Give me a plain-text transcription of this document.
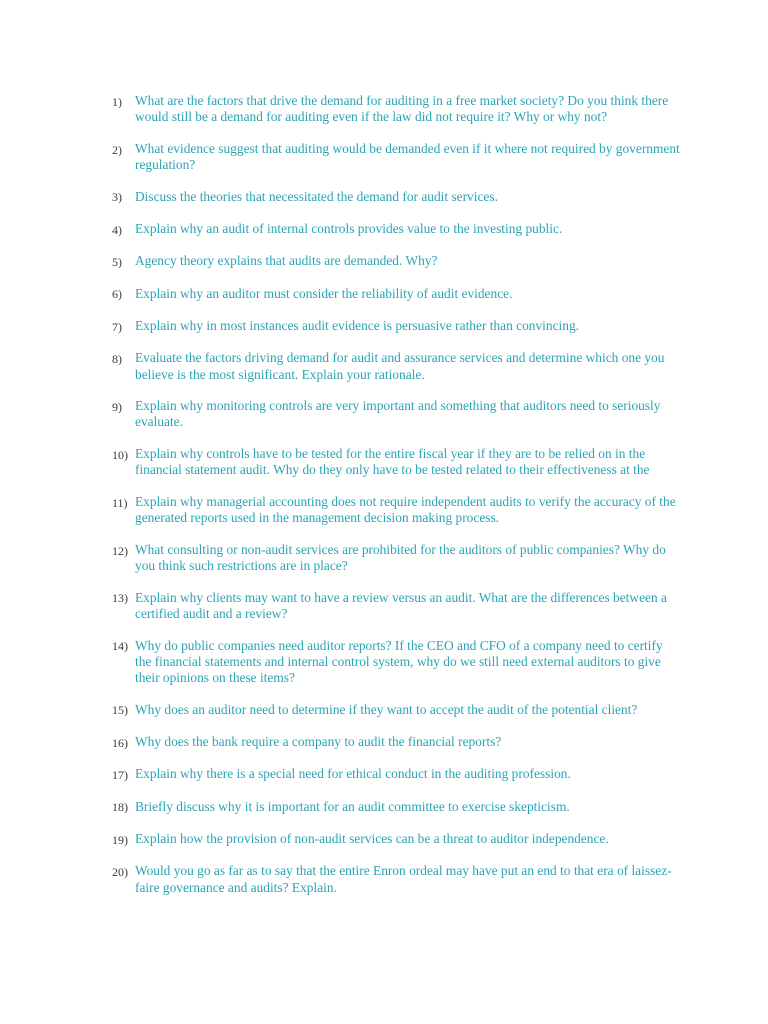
1) What are the factors that drive the demand for auditing in a free market society? Do you think there would still be a demand for auditing even if the law did not require it? Why or why not?
2) What evidence suggest that auditing would be demanded even if it where not required by government regulation?
3) Discuss the theories that necessitated the demand for audit services.
4) Explain why an audit of internal controls provides value to the investing public.
5) Agency theory explains that audits are demanded. Why?
6) Explain why an auditor must consider the reliability of audit evidence.
7) Explain why in most instances audit evidence is persuasive rather than convincing.
8) Evaluate the factors driving demand for audit and assurance services and determine which one you believe is the most significant. Explain your rationale.
9) Explain why monitoring controls are very important and something that auditors need to seriously evaluate.
10) Explain why controls have to be tested for the entire fiscal year if they are to be relied on in the financial statement audit. Why do they only have to be tested related to their effectiveness at the
11) Explain why managerial accounting does not require independent audits to verify the accuracy of the generated reports used in the management decision making process.
12) What consulting or non-audit services are prohibited for the auditors of public companies? Why do you think such restrictions are in place?
13) Explain why clients may want to have a review versus an audit. What are the differences between a certified audit and a review?
14) Why do public companies need auditor reports? If the CEO and CFO of a company need to certify the financial statements and internal control system, why do we still need external auditors to give their opinions on these items?
15) Why does an auditor need to determine if they want to accept the audit of the potential client?
16) Why does the bank require a company to audit the financial reports?
17) Explain why there is a special need for ethical conduct in the auditing profession.
18) Briefly discuss why it is important for an audit committee to exercise skepticism.
19) Explain how the provision of non-audit services can be a threat to auditor independence.
20) Would you go as far as to say that the entire Enron ordeal may have put an end to that era of laissez-faire governance and audits? Explain.
